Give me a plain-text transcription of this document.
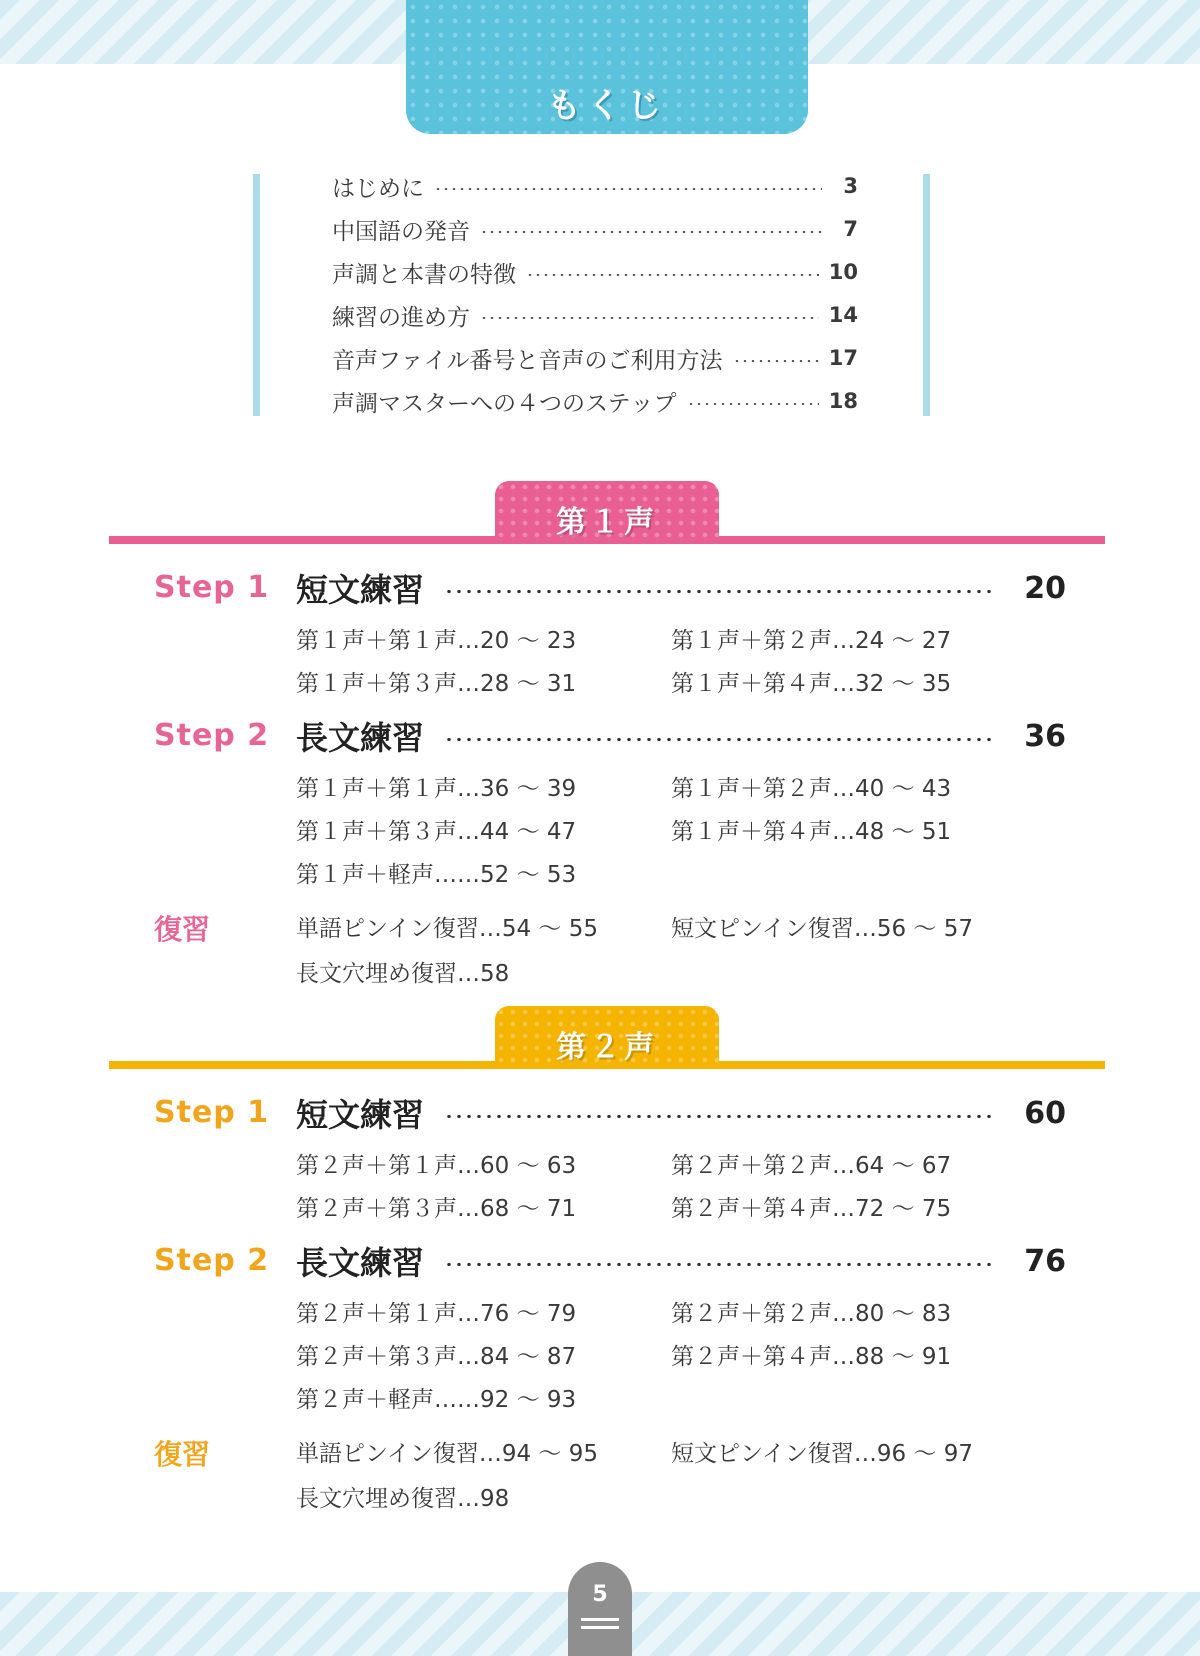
もくじ
はじめに	3
中国語の発音	7
声調と本書の特徴	10
練習の進め方	14
音声ファイル番号と音声のご利用方法	17
声調マスターへの４つのステップ	18
第１声
Step 1 短文練習	20
第１声＋第１声…20 ～ 23	第１声＋第２声…24 ～ 27
第１声＋第３声…28 ～ 31	第１声＋第４声…32 ～ 35
Step 2 長文練習	36
第１声＋第１声…36 ～ 39	第１声＋第２声…40 ～ 43
第１声＋第３声…44 ～ 47	第１声＋第４声…48 ～ 51
第１声＋軽声……52 ～ 53
復習	単語ピンイン復習…54 ～ 55	短文ピンイン復習…56 ～ 57
長文穴埋め復習…58
第２声
Step 1 短文練習	60
第２声＋第１声…60 ～ 63	第２声＋第２声…64 ～ 67
第２声＋第３声…68 ～ 71	第２声＋第４声…72 ～ 75
Step 2 長文練習	76
第２声＋第１声…76 ～ 79	第２声＋第２声…80 ～ 83
第２声＋第３声…84 ～ 87	第２声＋第４声…88 ～ 91
第２声＋軽声……92 ～ 93
復習	単語ピンイン復習…94 ～ 95	短文ピンイン復習…96 ～ 97
長文穴埋め復習…98
5
